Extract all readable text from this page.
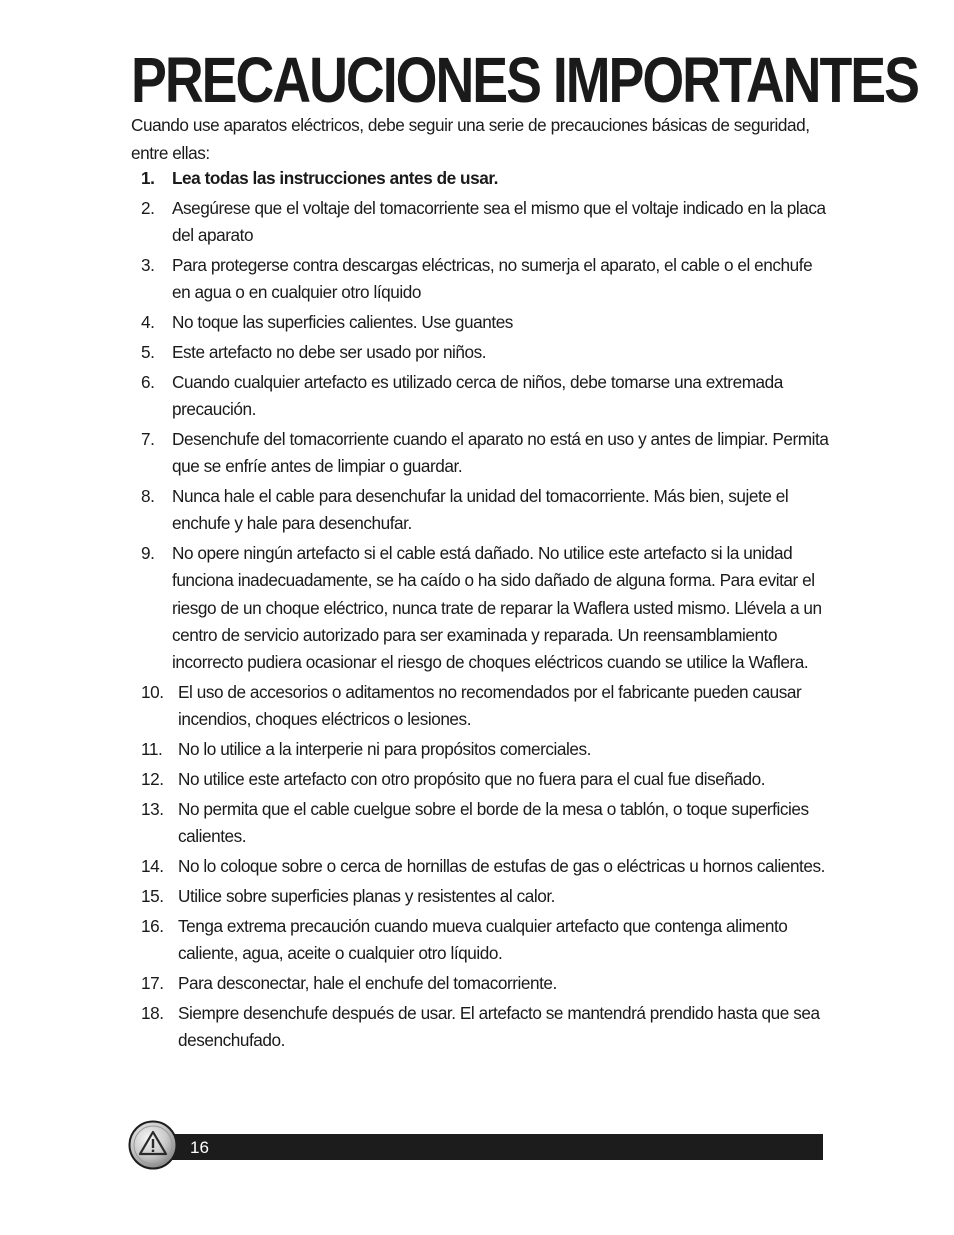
PRECAUCIONES IMPORTANTES

Cuando use aparatos eléctricos, debe seguir una serie de precauciones básicas de seguridad, entre ellas:

1. Lea todas las instrucciones antes de usar.
2. Asegúrese que el voltaje del tomacorriente sea el mismo que el voltaje indicado en la placa del aparato
3. Para protegerse contra descargas eléctricas, no sumerja el aparato, el cable o el enchufe en agua o en cualquier otro líquido
4. No toque las superficies calientes. Use guantes
5. Este artefacto no debe ser usado por niños.
6. Cuando cualquier artefacto es utilizado cerca de niños, debe tomarse una extremada precaución.
7. Desenchufe del tomacorriente cuando el aparato no está en uso y antes de limpiar. Permita que se enfríe antes de limpiar o guardar.
8. Nunca hale el cable para desenchufar la unidad del tomacorriente. Más bien, sujete el enchufe y hale para desenchufar.
9. No opere ningún artefacto si el cable está dañado. No utilice este artefacto si la unidad funciona inadecuadamente, se ha caído o ha sido dañado de alguna forma. Para evitar el riesgo de un choque eléctrico, nunca trate de reparar la Waflera usted mismo. Llévela a un centro de servicio autorizado para ser examinada y reparada. Un reensamblamiento incorrecto pudiera ocasionar el riesgo de choques eléctricos cuando se utilice la Waflera.
10. El uso de accesorios o aditamentos no recomendados por el fabricante pueden causar incendios, choques eléctricos o lesiones.
11. No lo utilice a la interperie ni para propósitos comerciales.
12. No utilice este artefacto con otro propósito que no fuera para el cual fue diseñado.
13. No permita que el cable cuelgue sobre el borde de la mesa o tablón, o toque superficies calientes.
14. No lo coloque sobre o cerca de hornillas de estufas de gas o eléctricas u hornos calientes.
15. Utilice sobre superficies planas y resistentes al calor.
16. Tenga extrema precaución cuando mueva cualquier artefacto que contenga alimento caliente, agua, aceite o cualquier otro líquido.
17. Para desconectar, hale el enchufe del tomacorriente.
18. Siempre desenchufe después de usar. El artefacto se mantendrá prendido hasta que sea desenchufado.
16
